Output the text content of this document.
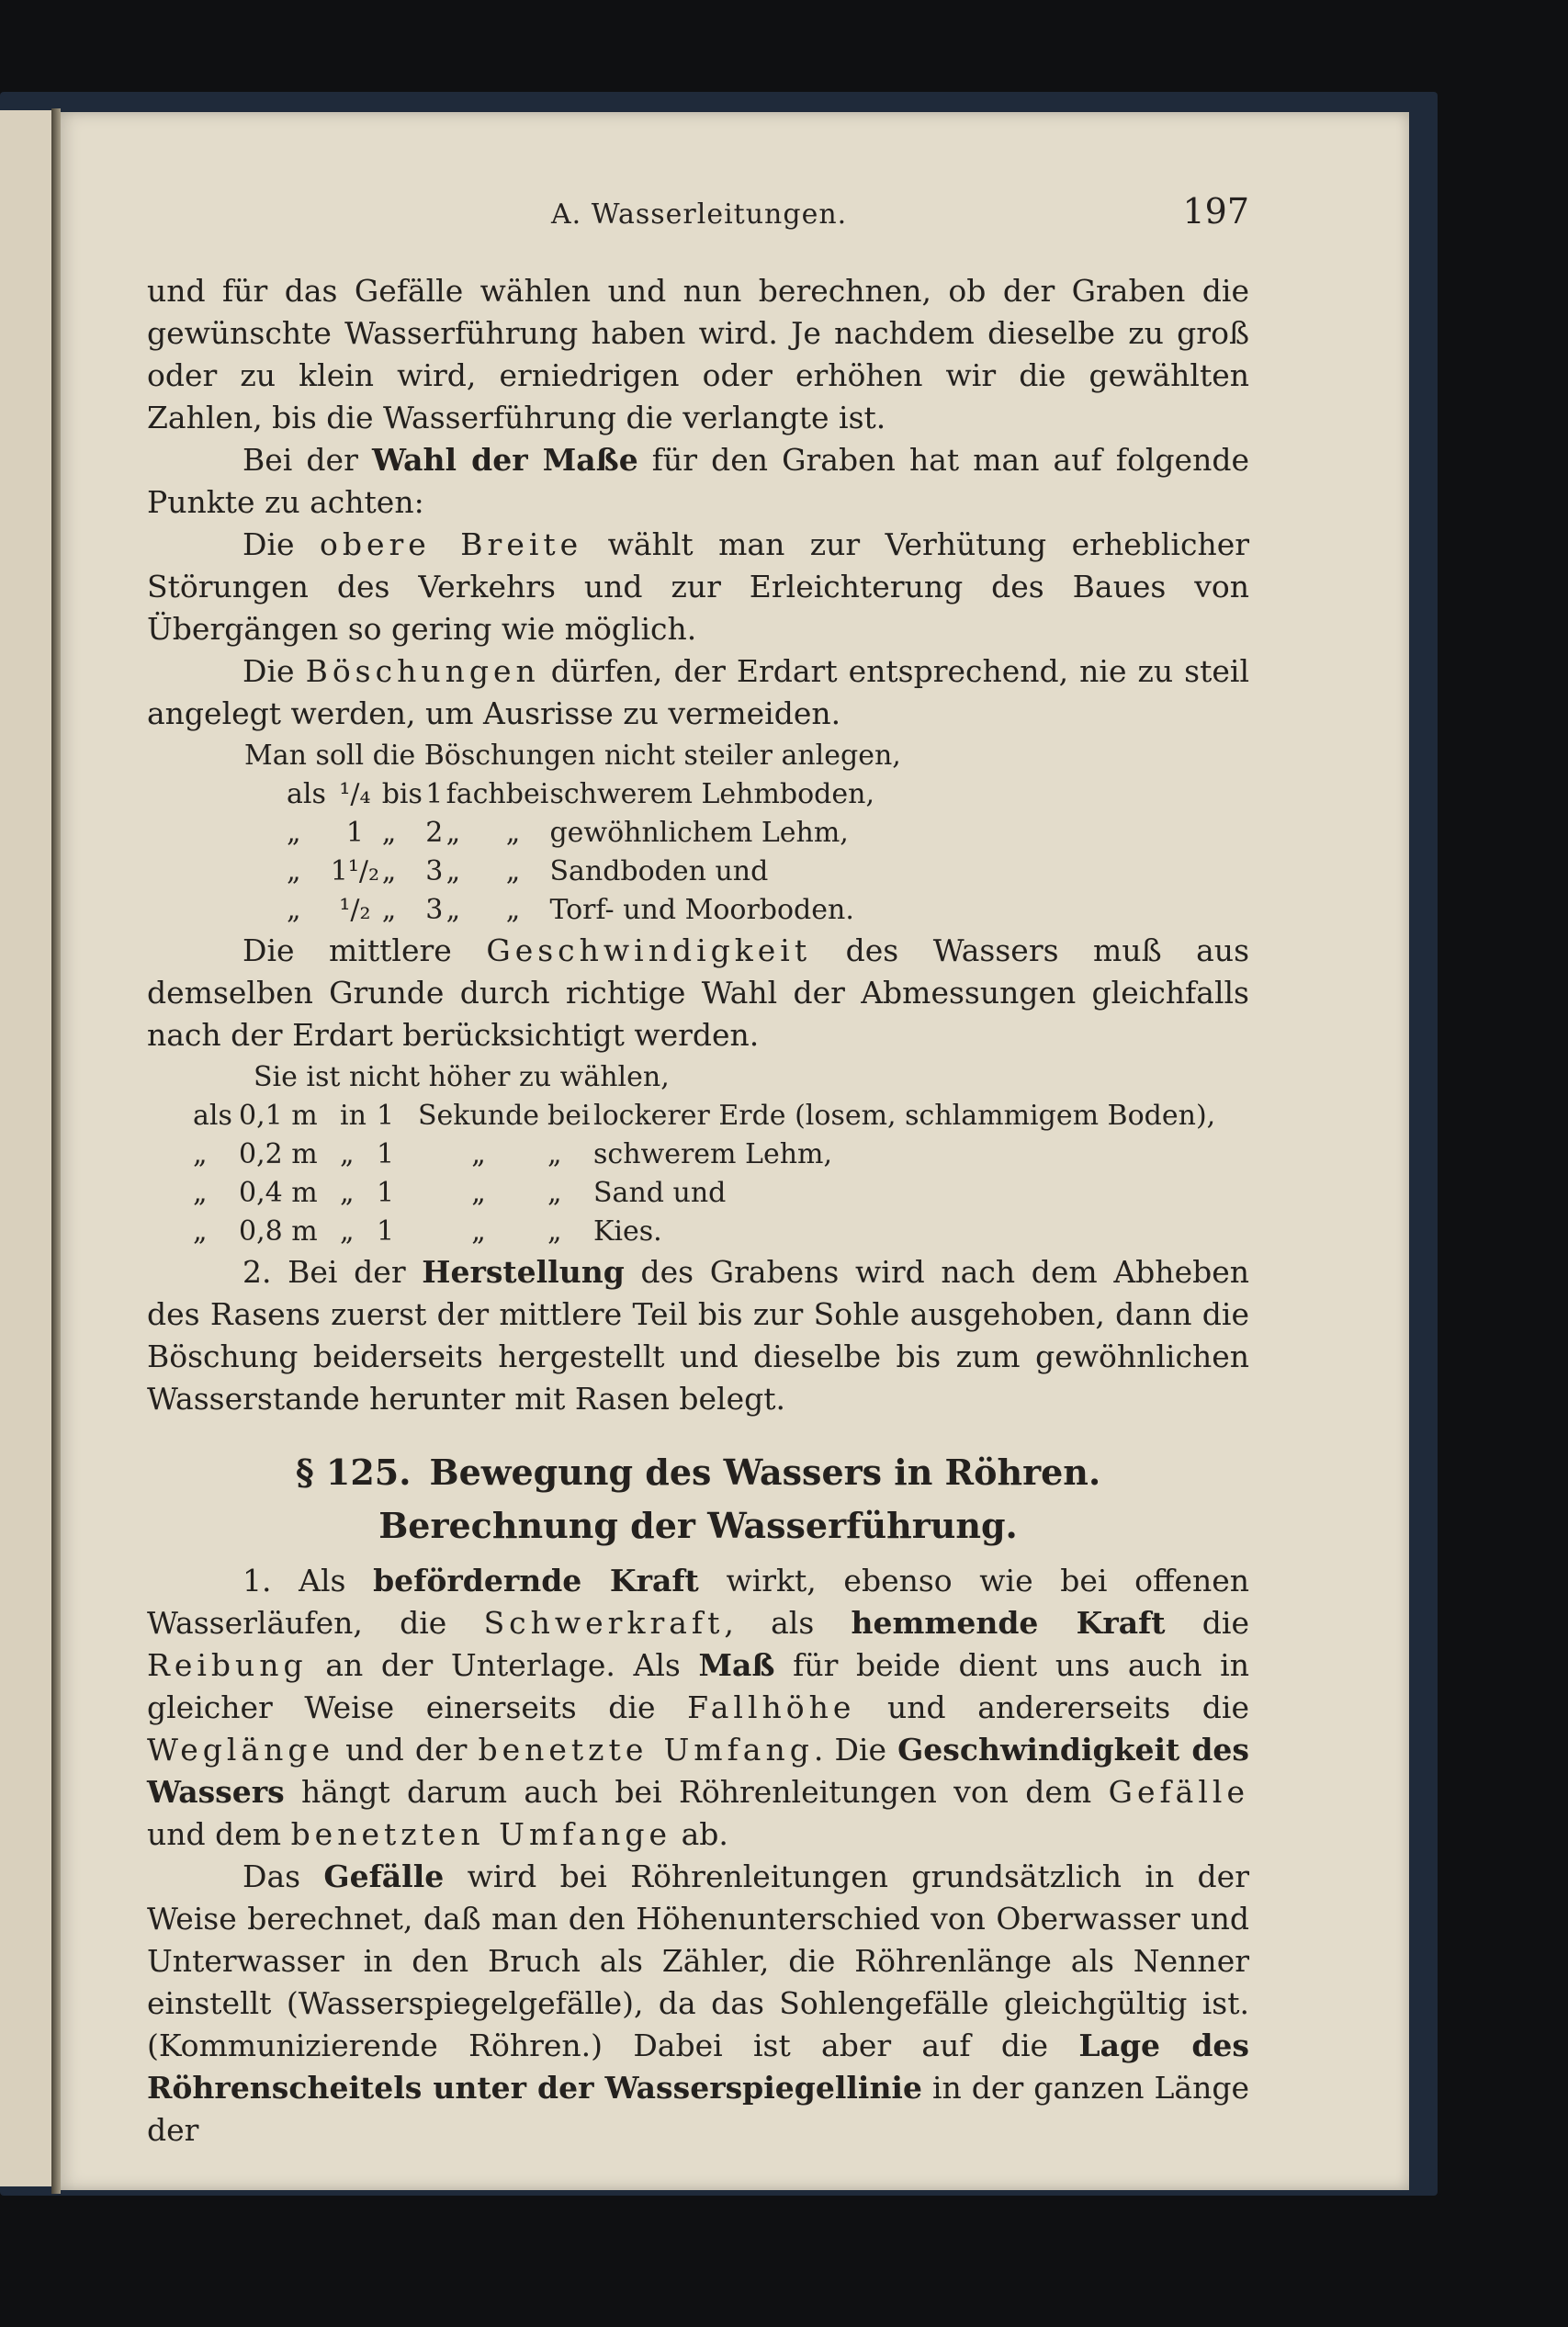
A. Wasserleitungen.	197

und für das Gefälle wählen und nun berechnen, ob der Graben die gewünschte Wasserführung haben wird. Je nachdem dieselbe zu groß oder zu klein wird, erniedrigen oder erhöhen wir die gewählten Zahlen, bis die Wasserführung die verlangte ist.

Bei der Wahl der Maße für den Graben hat man auf folgende Punkte zu achten:

Die obere Breite wählt man zur Verhütung erheblicher Störungen des Verkehrs und zur Erleichterung des Baues von Übergängen so gering wie möglich.

Die Böschungen dürfen, der Erdart entsprechend, nie zu steil angelegt werden, um Ausrisse zu vermeiden.

Man soll die Böschungen nicht steiler anlegen,
als	¹/₄	bis	1	fach	bei	schwerem Lehmboden,
„	1	„	2	„	„	gewöhnlichem Lehm,
„	1¹/₂	„	3	„	„	Sandboden und
„	¹/₂	„	3	„	„	Torf- und Moorboden.

Die mittlere Geschwindigkeit des Wassers muß aus demselben Grunde durch richtige Wahl der Abmessungen gleichfalls nach der Erdart berücksichtigt werden.

Sie ist nicht höher zu wählen,
als	0,1 m	in	1	Sekunde	bei	lockerer Erde (losem, schlammigem Boden),
„	0,2 m	„	1	„	„	schwerem Lehm,
„	0,4 m	„	1	„	„	Sand und
„	0,8 m	„	1	„	„	Kies.

2. Bei der Herstellung des Grabens wird nach dem Abheben des Rasens zuerst der mittlere Teil bis zur Sohle ausgehoben, dann die Böschung beiderseits hergestellt und dieselbe bis zum gewöhnlichen Wasserstande herunter mit Rasen belegt.

§ 125. Bewegung des Wassers in Röhren.
Berechnung der Wasserführung.

1. Als befördernde Kraft wirkt, ebenso wie bei offenen Wasserläufen, die Schwerkraft, als hemmende Kraft die Reibung an der Unterlage. Als Maß für beide dient uns auch in gleicher Weise einerseits die Fallhöhe und andererseits die Weglänge und der benetzte Umfang. Die Geschwindigkeit des Wassers hängt darum auch bei Röhrenleitungen von dem Gefälle und dem benetzten Umfange ab.

Das Gefälle wird bei Röhrenleitungen grundsätzlich in der Weise berechnet, daß man den Höhenunterschied von Oberwasser und Unterwasser in den Bruch als Zähler, die Röhrenlänge als Nenner einstellt (Wasserspiegelgefälle), da das Sohlengefälle gleichgültig ist. (Kommunizierende Röhren.) Dabei ist aber auf die Lage des Röhrenscheitels unter der Wasserspiegellinie in der ganzen Länge der
